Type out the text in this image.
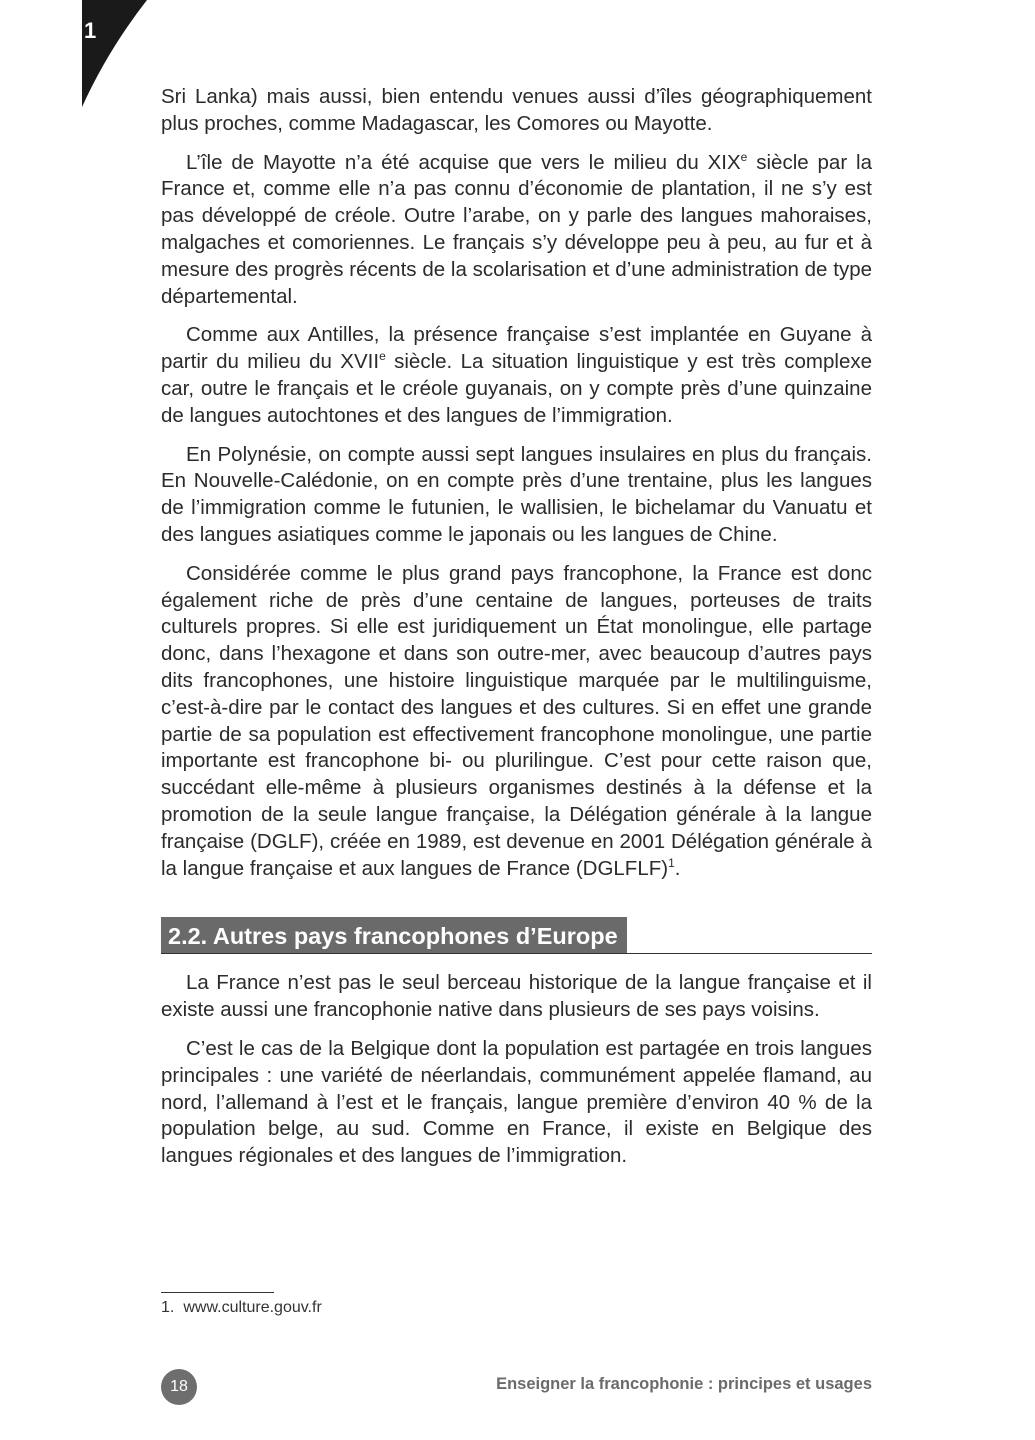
1

Sri Lanka) mais aussi, bien entendu venues aussi d’îles géographiquement plus proches, comme Madagascar, les Comores ou Mayotte.

L’île de Mayotte n’a été acquise que vers le milieu du XIXe siècle par la France et, comme elle n’a pas connu d’économie de plantation, il ne s’y est pas développé de créole. Outre l’arabe, on y parle des langues mahoraises, malgaches et comoriennes. Le français s’y développe peu à peu, au fur et à mesure des progrès récents de la scolarisation et d’une administration de type départemental.

Comme aux Antilles, la présence française s’est implantée en Guyane à partir du milieu du XVIIe siècle. La situation linguistique y est très complexe car, outre le français et le créole guyanais, on y compte près d’une quinzaine de langues autochtones et des langues de l’immigration.

En Polynésie, on compte aussi sept langues insulaires en plus du français. En Nouvelle-Calédonie, on en compte près d’une trentaine, plus les langues de l’immigration comme le futunien, le wallisien, le bichelamar du Vanuatu et des langues asiatiques comme le japonais ou les langues de Chine.

Considérée comme le plus grand pays francophone, la France est donc également riche de près d’une centaine de langues, porteuses de traits culturels propres. Si elle est juridiquement un État monolingue, elle partage donc, dans l’hexagone et dans son outre-mer, avec beaucoup d’autres pays dits francophones, une histoire linguistique marquée par le multilinguisme, c’est-à-dire par le contact des langues et des cultures. Si en effet une grande partie de sa population est effectivement francophone monolingue, une partie importante est francophone bi- ou plurilingue. C’est pour cette raison que, succédant elle-même à plusieurs organismes destinés à la défense et la promotion de la seule langue française, la Délégation générale à la langue française (DGLF), créée en 1989, est devenue en 2001 Délégation générale à la langue française et aux langues de France (DGLFLF)$^1$.

2.2. Autres pays francophones d’Europe

La France n’est pas le seul berceau historique de la langue française et il existe aussi une francophonie native dans plusieurs de ses pays voisins.

C’est le cas de la Belgique dont la population est partagée en trois langues principales : une variété de néerlandais, communément appelée flamand, au nord, l’allemand à l’est et le français, langue première d’environ 40 % de la population belge, au sud. Comme en France, il existe en Belgique des langues régionales et des langues de l’immigration.

1. www.culture.gouv.fr
18	Enseigner la francophonie : principes et usages
